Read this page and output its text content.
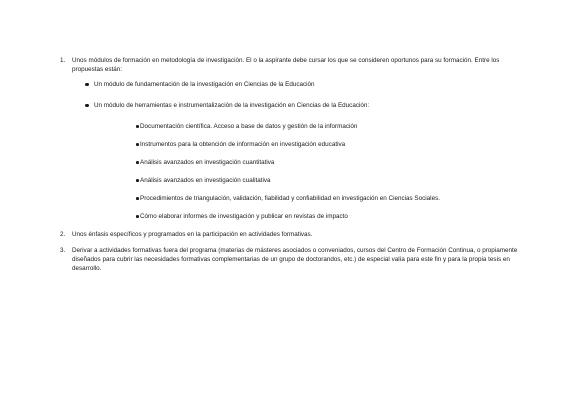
1. Unos módulos de formación en metodología de investigación. El o la aspirante debe cursar los que se consideren oportunos para su formación. Entre los propuestas están:
Un módulo de fundamentación de la investigación en Ciencias de la Educación
Un módulo de herramientas e instrumentalización de la investigación en Ciencias de la Educación:
Documentación científica. Acceso a base de datos y gestión de la información
Instrumentos para la obtención de información en investigación educativa
Análisis avanzados en investigación cuantitativa
Análisis avanzados en investigación cualitativa
Procedimientos de triangulación, validación, fiabilidad y confiabilidad en investigación en Ciencias Sociales.
Cómo elaborar informes de investigación y publicar en revistas de impacto
2. Unos énfasis específicos y programados en la participación en actividades formativas.
3. Derivar a actividades formativas fuera del programa (materias de másteres asociados o conveniados, cursos del Centro de Formación Continua, o propiamente diseñados para cubrir las necesidades formativas complementarias de un grupo de doctorandos, etc.) de especial valía para este fin y para la propia tesis en desarrollo.
